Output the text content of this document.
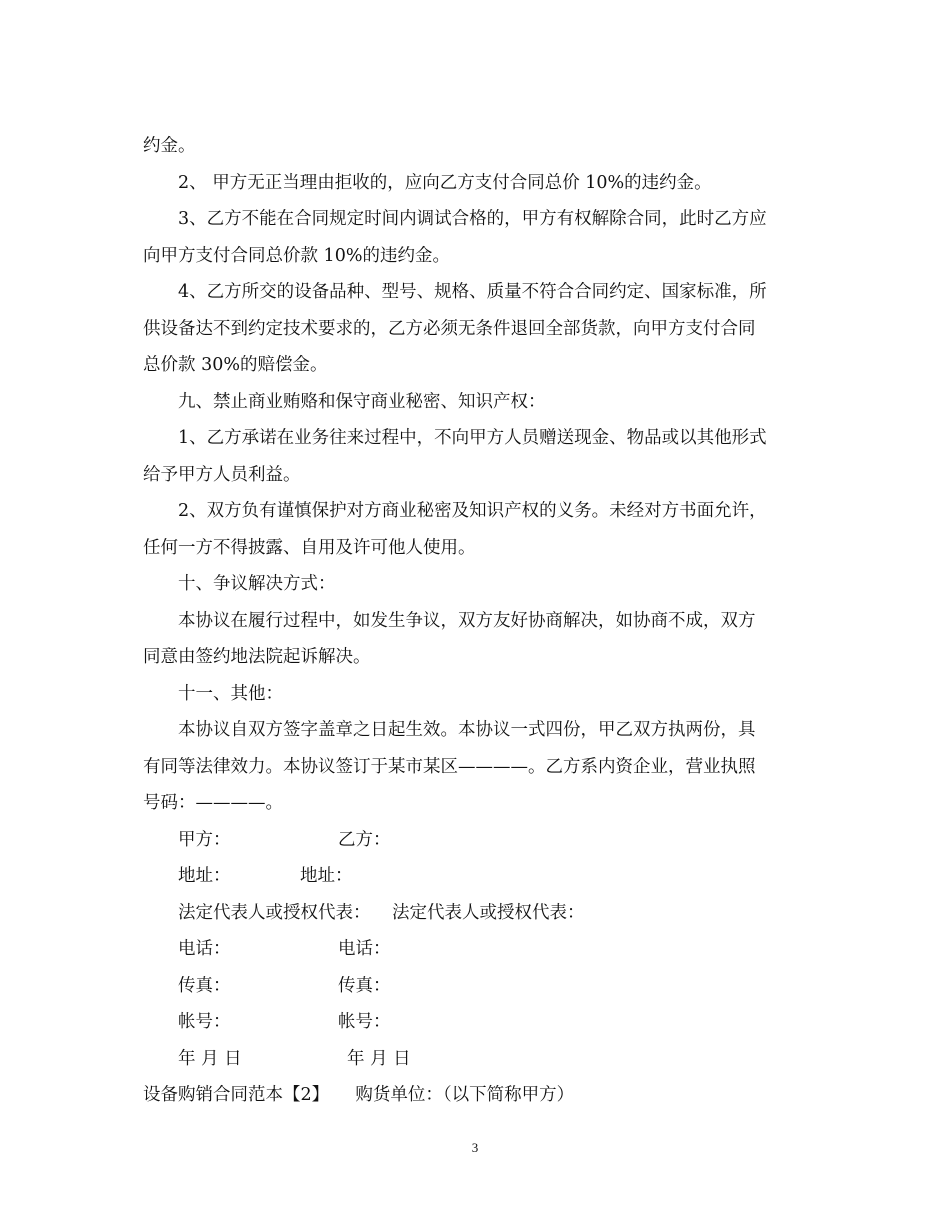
约金。

2、 甲方无正当理由拒收的，应向乙方支付合同总价 10%的违约金。

3、乙方不能在合同规定时间内调试合格的，甲方有权解除合同，此时乙方应

向甲方支付合同总价款 10%的违约金。

4、乙方所交的设备品种、型号、规格、质量不符合合同约定、国家标准，所

供设备达不到约定技术要求的，乙方必须无条件退回全部货款，向甲方支付合同

总价款 30%的赔偿金。

九、禁止商业贿赂和保守商业秘密、知识产权：

1、乙方承诺在业务往来过程中，不向甲方人员赠送现金、物品或以其他形式

给予甲方人员利益。

2、双方负有谨慎保护对方商业秘密及知识产权的义务。未经对方书面允许，

任何一方不得披露、自用及许可他人使用。

十、争议解决方式：

本协议在履行过程中，如发生争议，双方友好协商解决，如协商不成，双方

同意由签约地法院起诉解决。

十一、其他：

本协议自双方签字盖章之日起生效。本协议一式四份，甲乙双方执两份，具

有同等法律效力。本协议签订于某市某区————。乙方系内资企业，营业执照

号码：————。

甲方：	乙方：
地址：	地址：
法定代表人或授权代表：	法定代表人或授权代表：
电话：	电话：
传真：	传真：
帐号：	帐号：
年 月 日	年 月 日

设备购销合同范本【2】　　购货单位：（以下简称甲方）

3
